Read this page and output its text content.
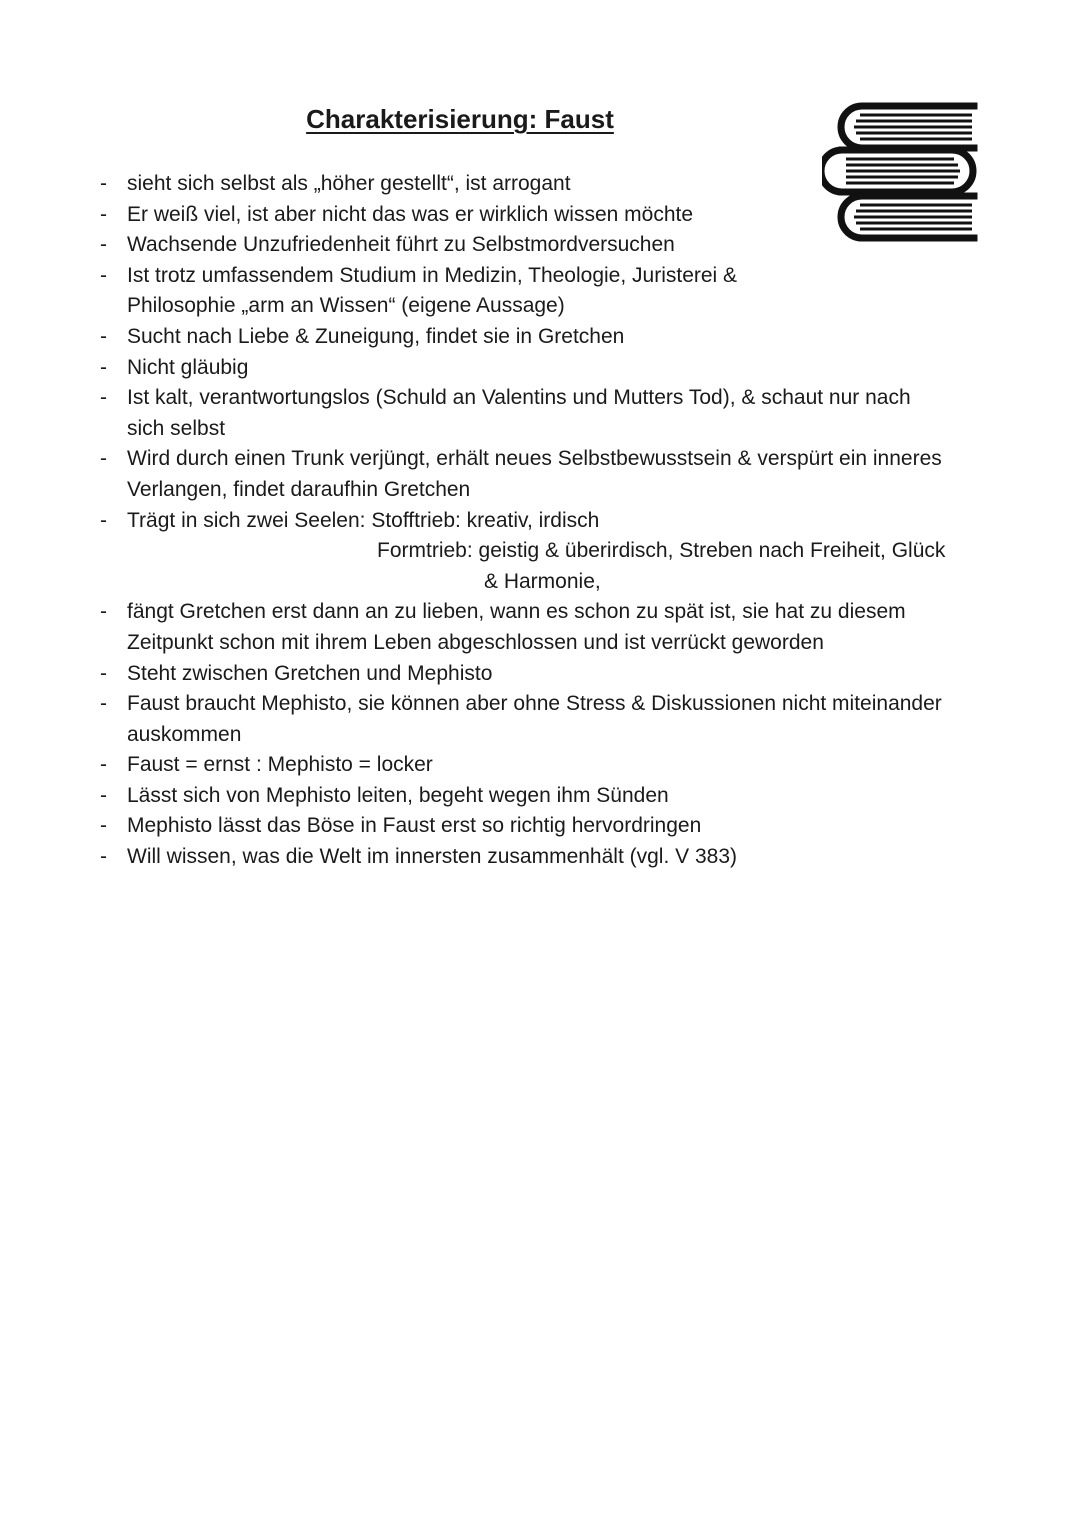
Charakterisierung: Faust
- sieht sich selbst als „höher gestellt“, ist arrogant
- Er weiß viel, ist aber nicht das was er wirklich wissen möchte
- Wachsende Unzufriedenheit führt zu Selbstmordversuchen
- Ist trotz umfassendem Studium in Medizin, Theologie, Juristerei &
Philosophie „arm an Wissen“ (eigene Aussage)
- Sucht nach Liebe & Zuneigung, findet sie in Gretchen
- Nicht gläubig
- Ist kalt, verantwortungslos (Schuld an Valentins und Mutters Tod), & schaut nur nach
sich selbst
- Wird durch einen Trunk verjüngt, erhält neues Selbstbewusstsein & verspürt ein inneres
Verlangen, findet daraufhin Gretchen
- Trägt in sich zwei Seelen: Stofftrieb: kreativ, irdisch
Formtrieb: geistig & überirdisch, Streben nach Freiheit, Glück
& Harmonie,
- fängt Gretchen erst dann an zu lieben, wann es schon zu spät ist, sie hat zu diesem
Zeitpunkt schon mit ihrem Leben abgeschlossen und ist verrückt geworden
- Steht zwischen Gretchen und Mephisto
- Faust braucht Mephisto, sie können aber ohne Stress & Diskussionen nicht miteinander
auskommen
- Faust = ernst : Mephisto = locker
- Lässt sich von Mephisto leiten, begeht wegen ihm Sünden
- Mephisto lässt das Böse in Faust erst so richtig hervordringen
- Will wissen, was die Welt im innersten zusammenhält (vgl. V 383)
